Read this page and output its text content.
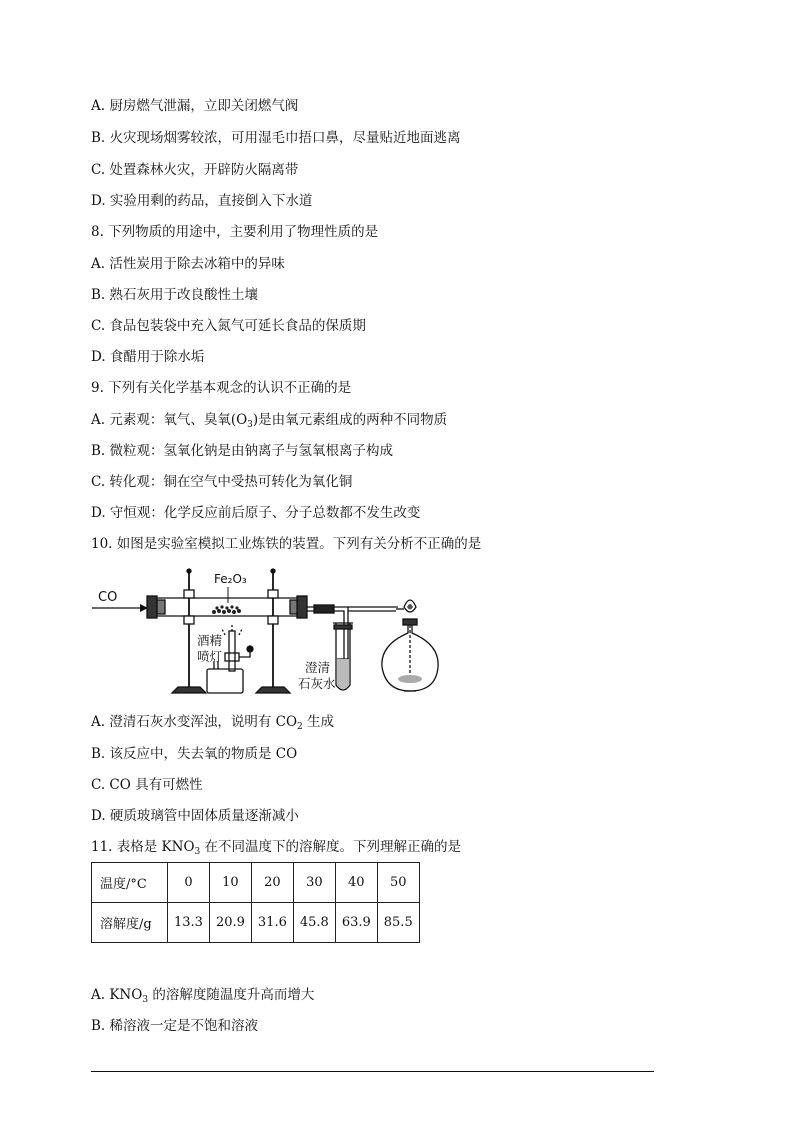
A. 厨房燃气泄漏，立即关闭燃气阀
B. 火灾现场烟雾较浓，可用湿毛巾捂口鼻，尽量贴近地面逃离
C. 处置森林火灾，开辟防火隔离带
D. 实验用剩的药品，直接倒入下水道
8. 下列物质的用途中，主要利用了物理性质的是
A. 活性炭用于除去冰箱中的异味
B. 熟石灰用于改良酸性土壤
C. 食品包装袋中充入氮气可延长食品的保质期
D. 食醋用于除水垢
9. 下列有关化学基本观念的认识不正确的是
A. 元素观：氧气、臭氧$(O_3)$是由氧元素组成的两种不同物质
B. 微粒观：氢氧化钠是由钠离子与氢氧根离子构成
C. 转化观：铜在空气中受热可转化为氧化铜
D. 守恒观：化学反应前后原子、分子总数都不发生改变
10. 如图是实验室模拟工业炼铁的装置。下列有关分析不正确的是
CO
Fe₂O₃
酒精
喷灯
澄清
石灰水
A. 澄清石灰水变浑浊，说明有 $CO_2$ 生成
B. 该反应中，失去氧的物质是 CO
C. CO 具有可燃性
D. 硬质玻璃管中固体质量逐渐减小
11. 表格是 $KNO_3$ 在不同温度下的溶解度。下列理解正确的是
温度/°C	0	10	20	30	40	50
溶解度/g	13.3	20.9	31.6	45.8	63.9	85.5
A. $KNO_3$ 的溶解度随温度升高而增大
B. 稀溶液一定是不饱和溶液
